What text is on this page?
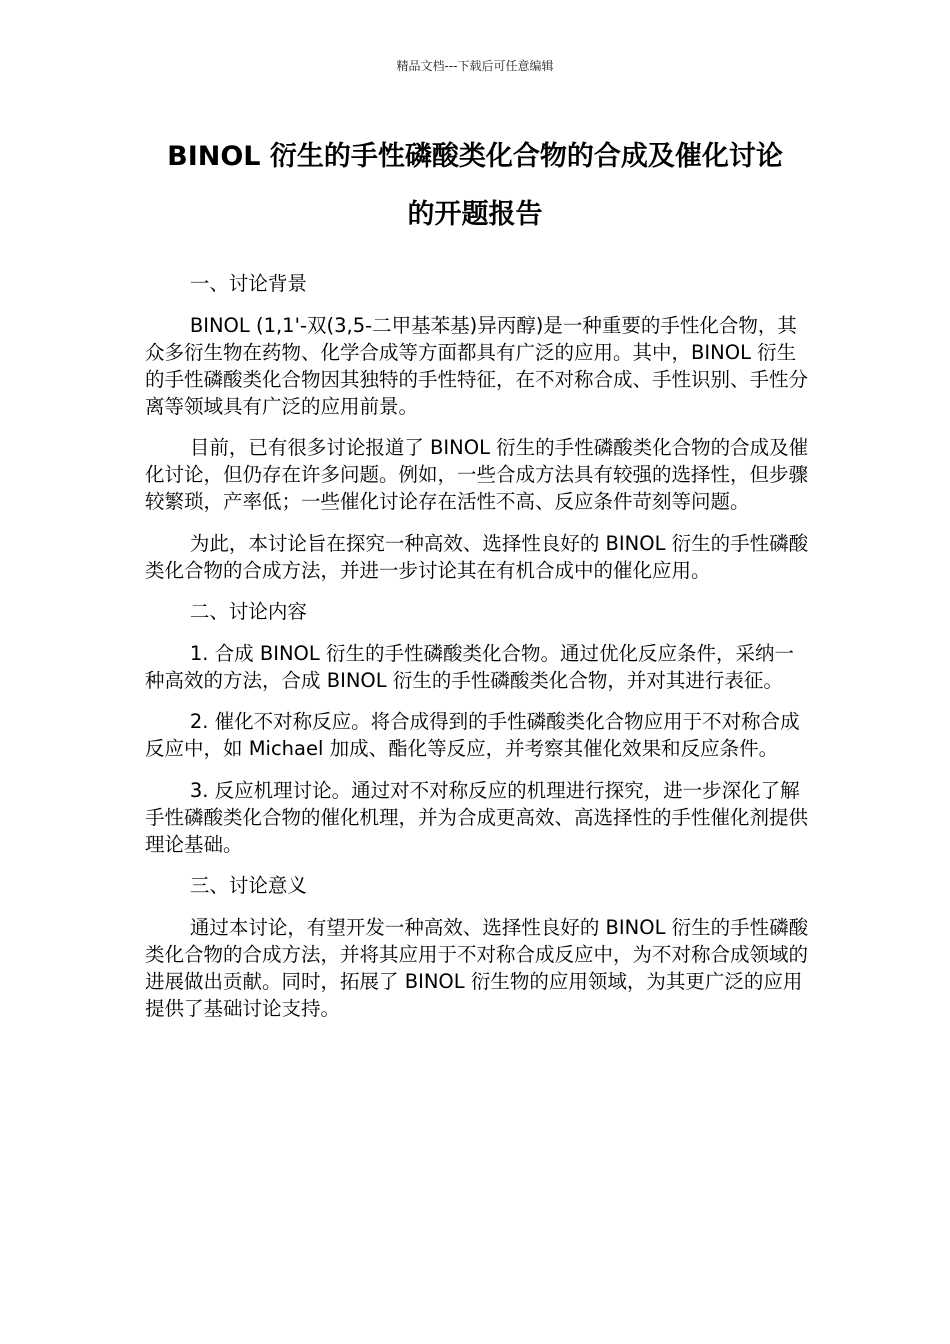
精品文档---下载后可任意编辑
BINOL 衍生的手性磷酸类化合物的合成及催化讨论
的开题报告

一、讨论背景

BINOL (1,1'-双(3,5-二甲基苯基)异丙醇)是一种重要的手性化合物，其众多衍生物在药物、化学合成等方面都具有广泛的应用。其中，BINOL 衍生的手性磷酸类化合物因其独特的手性特征，在不对称合成、手性识别、手性分离等领域具有广泛的应用前景。

目前，已有很多讨论报道了 BINOL 衍生的手性磷酸类化合物的合成及催化讨论，但仍存在许多问题。例如，一些合成方法具有较强的选择性，但步骤较繁琐，产率低；一些催化讨论存在活性不高、反应条件苛刻等问题。

为此，本讨论旨在探究一种高效、选择性良好的 BINOL 衍生的手性磷酸类化合物的合成方法，并进一步讨论其在有机合成中的催化应用。

二、讨论内容

1. 合成 BINOL 衍生的手性磷酸类化合物。通过优化反应条件，采纳一种高效的方法，合成 BINOL 衍生的手性磷酸类化合物，并对其进行表征。

2. 催化不对称反应。将合成得到的手性磷酸类化合物应用于不对称合成反应中，如 Michael 加成、酯化等反应，并考察其催化效果和反应条件。

3. 反应机理讨论。通过对不对称反应的机理进行探究，进一步深化了解手性磷酸类化合物的催化机理，并为合成更高效、高选择性的手性催化剂提供理论基础。

三、讨论意义

通过本讨论，有望开发一种高效、选择性良好的 BINOL 衍生的手性磷酸类化合物的合成方法，并将其应用于不对称合成反应中，为不对称合成领域的进展做出贡献。同时，拓展了 BINOL 衍生物的应用领域，为其更广泛的应用提供了基础讨论支持。
